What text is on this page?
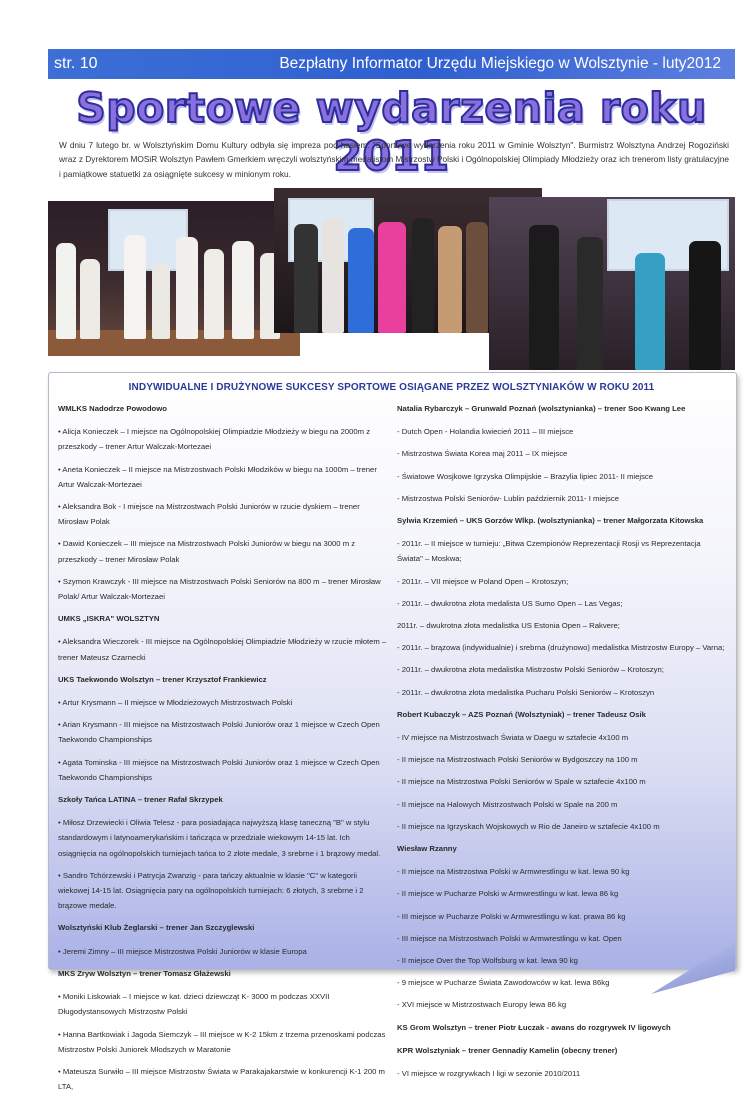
str. 10	Bezpłatny Informator Urzędu Miejskiego w Wolsztynie - luty2012
Sportowe wydarzenia roku 2011
W dniu 7 lutego br. w Wolsztyńskim Domu Kultury odbyła się impreza pod hasłem: "Sportowe wydarzenia roku 2011 w Gminie Wolsztyn". Burmistrz Wolsztyna Andrzej Rogoziński wraz z Dyrektorem MOSiR Wolsztyn Pawłem Gmerkiem wręczyli wolsztyńskim medalistom Mistrzostw Polski i Ogólnopolskiej Olimpiady Młodzieży oraz ich trenerom listy gratulacyjne i pamiątkowe statuetki za osiągnięte sukcesy w minionym roku.
INDYWIDUALNE I DRUŻYNOWE SUKCESY SPORTOWE OSIĄGANE PRZEZ WOLSZTYNIAKÓW W ROKU 2011

WMLKS Nadodrze Powodowo

• Alicja Konieczek – I miejsce na Ogólnopolskiej Olimpiadzie Młodzieży w biegu na 2000m z przeszkody – trener Artur Walczak-Mortezaei

• Aneta Konieczek – II miejsce na Mistrzostwach Polski Młodzików w biegu na 1000m – trener Artur Walczak-Mortezaei

• Aleksandra Bok - I miejsce na Mistrzostwach Polski Juniorów w rzucie dyskiem – trener Mirosław Polak

• Dawid Konieczek – III miejsce na Mistrzostwach Polski Juniorów w biegu na 3000 m z przeszkody – trener Mirosław Polak

• Szymon Krawczyk - III miejsce na Mistrzostwach Polski Seniorów na 800 m – trener Mirosław Polak/ Artur Walczak-Mortezaei

UMKS „ISKRA" WOLSZTYN

• Aleksandra Wieczorek - III miejsce na Ogólnopolskiej Olimpiadzie Młodzieży w rzucie młotem – trener Mateusz Czarnecki

UKS Taekwondo Wolsztyn – trener Krzysztof Frankiewicz

• Artur Krysmann – II miejsce w Młodzieżowych Mistrzostwach Polski

• Arian Krysmann - III miejsce na Mistrzostwach Polski Juniorów oraz 1 miejsce w Czech Open Taekwondo Championships

• Agata Tominska - III miejsce na Mistrzostwach Polski Juniorów oraz 1 miejsce w Czech Open Taekwondo Championships

Szkoły Tańca LATINA – trener Rafał Skrzypek

• Miłosz Drzewiecki i Oliwia Telesz - para posiadająca najwyższą klasę taneczną "B" w stylu standardowym i latynoamerykańskim i tańcząca w przedziale wiekowym 14-15 lat. Ich osiągnięcia na ogólnopolskich turniejach tańca to 2 złote medale, 3 srebrne i 1 brązowy medal.

• Sandro Tchórzewski i Patrycja Zwanzig - para tańczy aktualnie w klasie "C" w kategorii wiekowej 14-15 lat. Osiągnięcia pary na ogólnopolskich turniejach: 6 złotych, 3 srebrne i 2 brązowe medale.

Wolsztyński Klub Żeglarski – trener Jan Szczyglewski

• Jeremi Zimny – III miejsce Mistrzostwa Polski Juniorów w klasie Europa

MKS Zryw Wolsztyn – trener Tomasz Głażewski

• Moniki Liskowiak – I miejsce w kat. dzieci dziewcząt K- 3000 m podczas XXVII Długodystansowych Mistrzostw Polski

• Hanna Bartkowiak i Jagoda Siemczyk – III miejsce w K-2 15km z trzema przenoskami podczas Mistrzostw Polski Juniorek Młodszych w Maratonie

• Mateusza Surwiło – III miejsce Mistrzostw Świata w Parakajakarstwie w konkurencji K-1 200 m LTA,

Natalia Rybarczyk – Grunwald Poznań (wolsztynianka) – trener Soo Kwang Lee

- Dutch Open - Holandia kwiecień 2011 – III miejsce

- Mistrzostwa Świata Korea maj 2011 – IX miejsce

- Światowe Wosjkowe Igrzyska Olimpijskie – Brazylia lipiec 2011- II miejsce

- Mistrzostwa Polski Seniorów- Lublin październik 2011- I miejsce

Sylwia Krzemień – UKS Gorzów Wlkp. (wolsztynianka) – trener Małgorzata Kitowska

- 2011r. – II miejsce w turnieju: „Bitwa Czempionów Reprezentacji Rosji vs Reprezentacja Świata" – Moskwa;

- 2011r. – VII miejsce w Poland Open – Krotoszyn;

- 2011r. – dwukrotna złota medalista US Sumo Open – Las Vegas;

2011r. – dwukrotna złota medalistka US Estonia Open – Rakvere;

- 2011r. – brązowa (indywidualnie) i srebrna (drużynowo) medalistka Mistrzostw Europy – Varna;

- 2011r. – dwukrotna złota medalistka Mistrzostw Polski Seniorów – Krotoszyn;

- 2011r. – dwukrotna złota medalistka Pucharu Polski Seniorów – Krotoszyn

Robert Kubaczyk – AZS Poznań (Wolsztyniak) – trener Tadeusz Osik

- IV miejsce na Mistrzostwach Świata w Daegu w sztafecie 4x100 m

- II miejsce na Mistrzostwach Polski Seniorów w Bydgoszczy na 100 m

- II miejsce na Mistrzostwa Polski Seniorów w Spale w sztafecie 4x100 m

- II miejsce na Halowych Mistrzostwach Polski w Spale na 200 m

- II miejsce na Igrzyskach Wojskowych w Rio de Janeiro w sztafecie 4x100 m

Wiesław Rzanny

- II miejsce na Mistrzostwa Polski w Armwrestlingu w kat. lewa 90 kg

- II miejsce w Pucharze Polski w Armwrestlingu w kat. lewa 86 kg

- III miejsce w Pucharze Polski w Armwrestlingu w kat. prawa 86 kg

- III miejsce na Mistrzostwach Polski w Armwrestlingu w kat. Open

- II miejsce Over the Top Wolfsburg w kat. lewa 90 kg

- 9 miejsce w Pucharze Świata Zawodowców w kat. lewa 86kg

- XVI miejsce w Mistrzostwach Europy lewa 86 kg

KS Grom Wolsztyn – trener Piotr Łuczak - awans do rozgrywek IV ligowych

KPR Wolsztyniak – trener Gennadiy Kamelin (obecny trener)

- VI miejsce w rozgrywkach I ligi w sezonie 2010/2011
